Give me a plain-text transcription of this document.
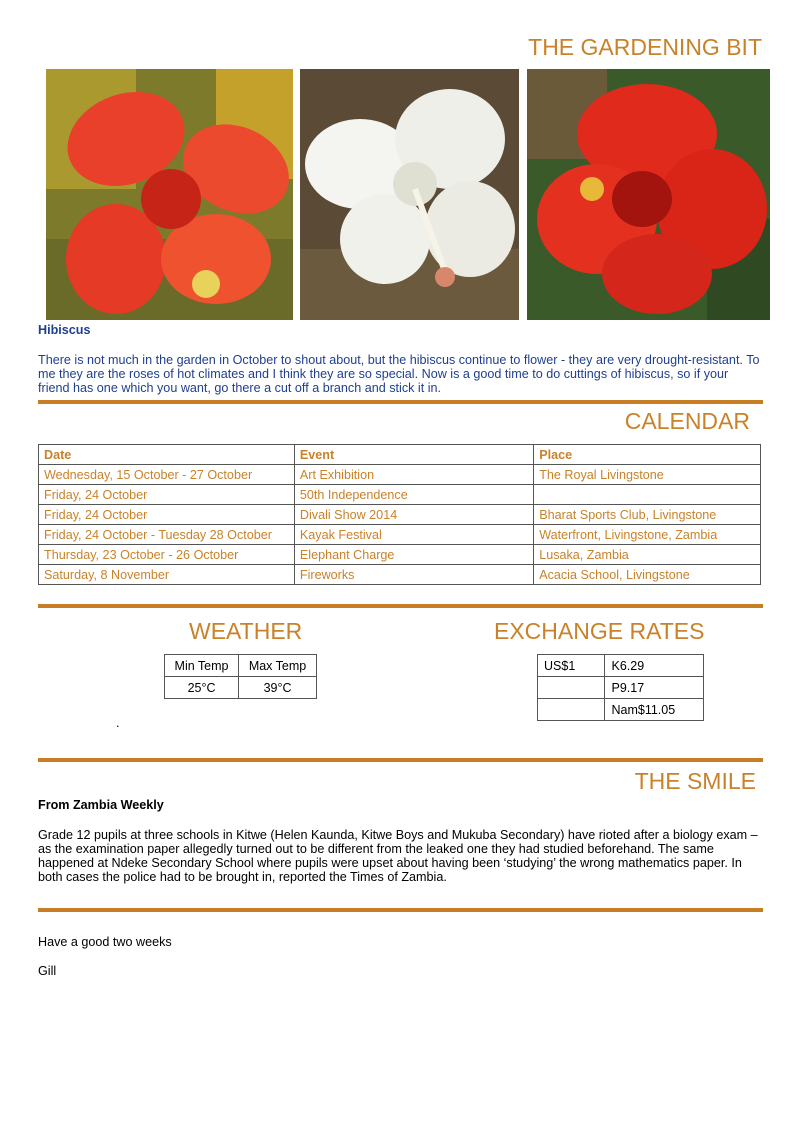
THE GARDENING BIT
Hibiscus
There is not much in the garden in October to shout about, but the hibiscus continue to flower - they are very drought-resistant. To me they are the roses of hot climates and I think they are so special. Now is a good time to do cuttings of hibiscus, so if your friend has one which you want, go there a cut off a branch and stick it in.
CALENDAR
Date	Event	Place
Wednesday, 15 October - 27 October	Art Exhibition	The Royal Livingstone
Friday, 24 October	50th Independence	
Friday, 24 October	Divali Show 2014	Bharat Sports Club, Livingstone
Friday, 24 October - Tuesday 28 October	Kayak Festival	Waterfront, Livingstone, Zambia
Thursday, 23 October - 26 October	Elephant Charge	Lusaka, Zambia
Saturday, 8 November	Fireworks	Acacia School, Livingstone
WEATHER
Min Temp	Max Temp
25°C	39°C
.
EXCHANGE RATES
US$1	K6.29
	P9.17
	Nam$11.05
THE SMILE
From Zambia Weekly
Grade 12 pupils at three schools in Kitwe (Helen Kaunda, Kitwe Boys and Mukuba Secondary) have rioted after a biology exam – as the examination paper allegedly turned out to be different from the leaked one they had studied beforehand. The same happened at Ndeke Secondary School where pupils were upset about having been ‘studying’ the wrong mathematics paper. In both cases the police had to be brought in, reported the Times of Zambia.
Have a good two weeks
Gill
